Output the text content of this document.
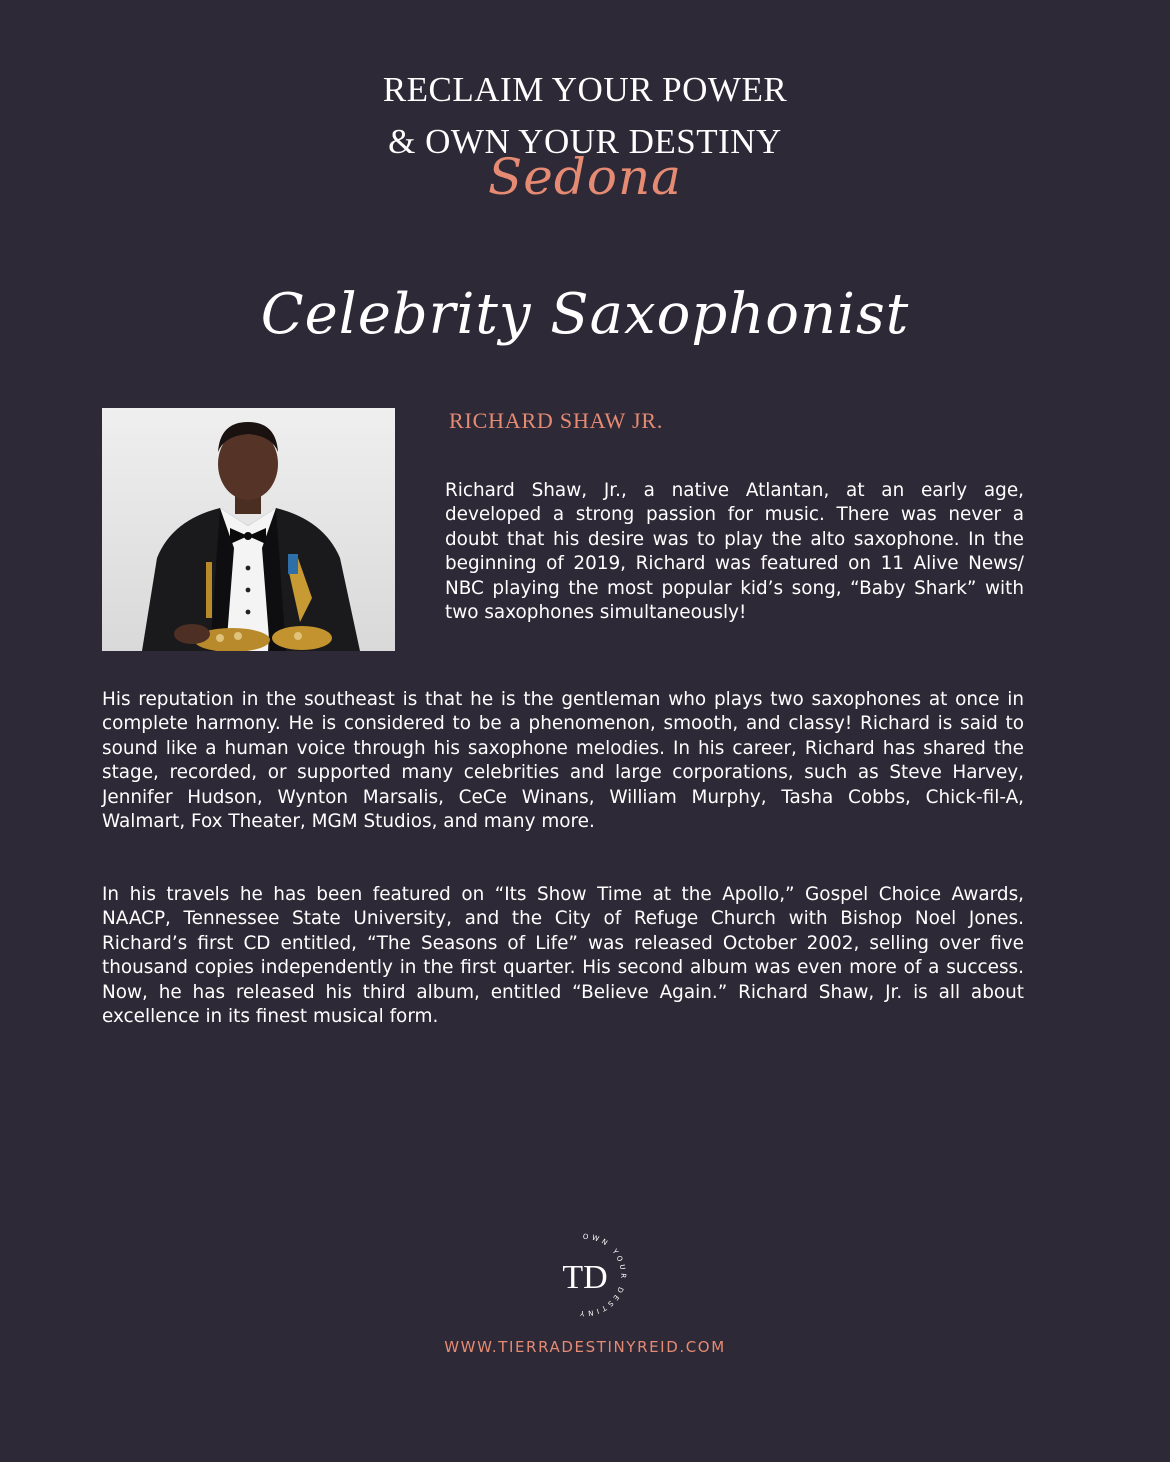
RECLAIM YOUR POWER
& OWN YOUR DESTINY
Sedona
Celebrity Saxophonist
RICHARD SHAW JR.
Richard Shaw, Jr., a native Atlantan, at an early age, developed a strong passion for music. There was never a doubt that his desire was to play the alto saxophone. In the beginning of 2019, Richard was featured on 11 Alive News/ NBC playing the most popular kid’s song, “Baby Shark” with two saxophones simultaneously!
His reputation in the southeast is that he is the gentleman who plays two saxophones at once in complete harmony. He is considered to be a phenomenon, smooth, and classy! Richard is said to sound like a human voice through his saxophone melodies. In his career, Richard has shared the stage, recorded, or supported many celebrities and large corporations, such as Steve Harvey, Jennifer Hudson, Wynton Marsalis, CeCe Winans, William Murphy, Tasha Cobbs, Chick-fil-A, Walmart, Fox Theater, MGM Studios, and many more.
In his travels he has been featured on “Its Show Time at the Apollo,” Gospel Choice Awards, NAACP, Tennessee State University, and the City of Refuge Church with Bishop Noel Jones. Richard’s first CD entitled, “The Seasons of Life” was released October 2002, selling over five thousand copies independently in the first quarter. His second album was even more of a success. Now, he has released his third album, entitled “Believe Again.” Richard Shaw, Jr. is all about excellence in its finest musical form.
OWN YOUR DESTINY
TD
WWW.TIERRADESTINYREID.COM
